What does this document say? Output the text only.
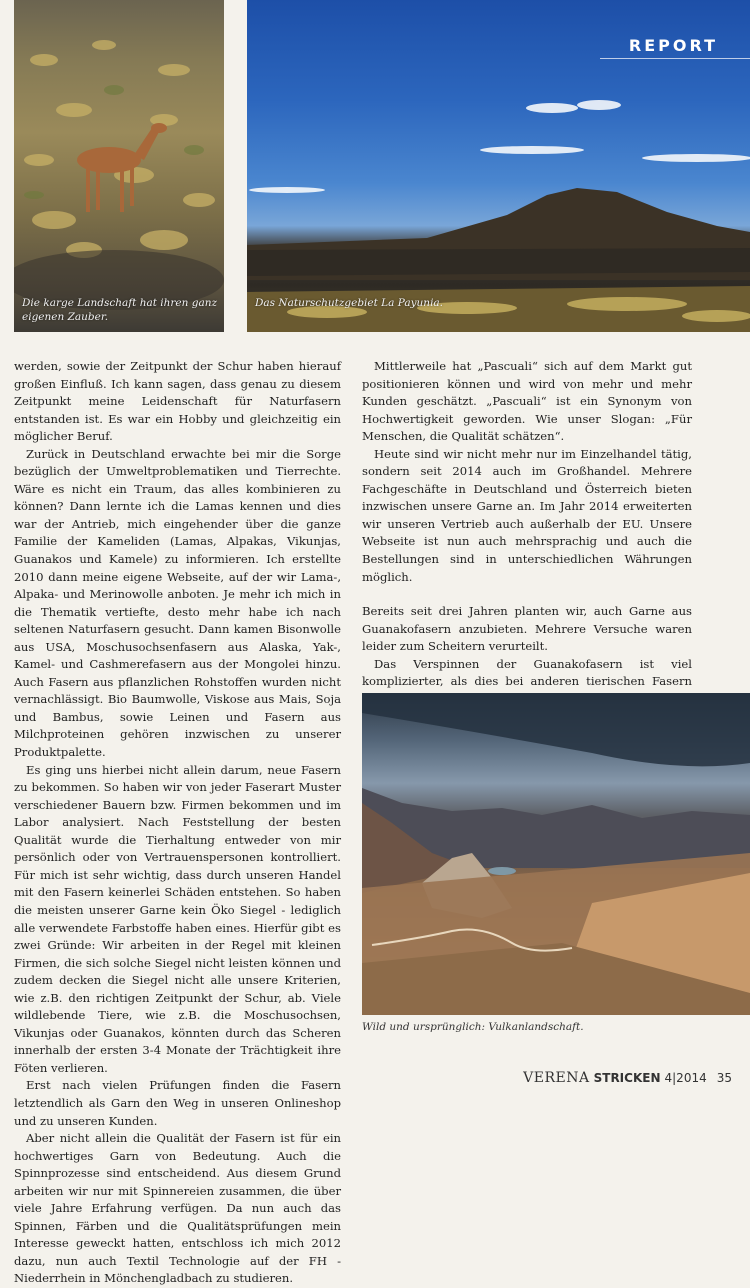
Die karge Landschaft hat ihren ganz eigenen Zauber.
REPORT
Das Naturschutzgebiet La Payunia.

werden, sowie der Zeitpunkt der Schur haben hierauf großen Einfluß. Ich kann sagen, dass genau zu diesem Zeitpunkt meine Leidenschaft für Naturfasern entstanden ist. Es war ein Hobby und gleichzeitig ein möglicher Beruf.

Zurück in Deutschland erwachte bei mir die Sorge bezüglich der Umweltproblematiken und Tierrechte. Wäre es nicht ein Traum, das alles kombinieren zu können? Dann lernte ich die Lamas kennen und dies war der Antrieb, mich eingehender über die ganze Familie der Kameliden (Lamas, Alpakas, Vikunjas, Guanakos und Kamele) zu informieren. Ich erstellte 2010 dann meine eigene Webseite, auf der wir Lama-, Alpaka- und Merinowolle anboten. Je mehr ich mich in die Thematik vertiefte, desto mehr habe ich nach seltenen Naturfasern gesucht. Dann kamen Bisonwolle aus USA, Moschusochsenfasern aus Alaska, Yak-, Kamel- und Cashmerefasern aus der Mongolei hinzu. Auch Fasern aus pflanzlichen Rohstoffen wurden nicht vernachlässigt. Bio Baumwolle, Viskose aus Mais, Soja und Bambus, sowie Leinen und Fasern aus Milchproteinen gehören inzwischen zu unserer Produktpalette.

Es ging uns hierbei nicht allein darum, neue Fasern zu bekommen. So haben wir von jeder Faserart Muster verschiedener Bauern bzw. Firmen bekommen und im Labor analysiert. Nach Feststellung der besten Qualität wurde die Tierhaltung entweder von mir persönlich oder von Vertrauenspersonen kontrolliert. Für mich ist sehr wichtig, dass durch unseren Handel mit den Fasern keinerlei Schäden entstehen. So haben die meisten unserer Garne kein Öko Siegel - lediglich alle verwendete Farbstoffe haben eines. Hierfür gibt es zwei Gründe: Wir arbeiten in der Regel mit kleinen Firmen, die sich solche Siegel nicht leisten können und zudem decken die Siegel nicht alle unsere Kriterien, wie z.B. den richtigen Zeitpunkt der Schur, ab. Viele wildlebende Tiere, wie z.B. die Moschusochsen, Vikunjas oder Guanakos, könnten durch das Scheren innerhalb der ersten 3-4 Monate der Trächtigkeit ihre Föten verlieren.

Erst nach vielen Prüfungen finden die Fasern letztendlich als Garn den Weg in unseren Onlineshop und zu unseren Kunden.

Aber nicht allein die Qualität der Fasern ist für ein hochwertiges Garn von Bedeutung. Auch die Spinnprozesse sind entscheidend. Aus diesem Grund arbeiten wir nur mit Spinnereien zusammen, die über viele Jahre Erfahrung verfügen. Da nun auch das Spinnen, Färben und die Qualitätsprüfungen mein Interesse geweckt hatten, entschloss ich mich 2012 dazu, nun auch Textil Technologie auf der FH - Niederrhein in Mönchengladbach zu studieren.

Mittlerweile hat „Pascuali“ sich auf dem Markt gut positionieren können und wird von mehr und mehr Kunden geschätzt. „Pascuali“ ist ein Synonym von Hochwertigkeit geworden. Wie unser Slogan: „Für Menschen, die Qualität schätzen“.

Heute sind wir nicht mehr nur im Einzelhandel tätig, sondern seit 2014 auch im Großhandel. Mehrere Fachgeschäfte in Deutschland und Österreich bieten inzwischen unsere Garne an. Im Jahr 2014 erweiterten wir unseren Vertrieb auch außerhalb der EU. Unsere Webseite ist nun auch mehrsprachig und auch die Bestellungen sind in unterschiedlichen Währungen möglich.

Bereits seit drei Jahren planten wir, auch Garne aus Guanakofasern anzubieten. Mehrere Versuche waren leider zum Scheitern verurteilt.

Das Verspinnen der Guanakofasern ist viel komplizierter, als dies bei anderen tierischen Fasern

Wild und ursprünglich: Vulkanlandschaft.
VERENA STRICKEN 4|2014 35
